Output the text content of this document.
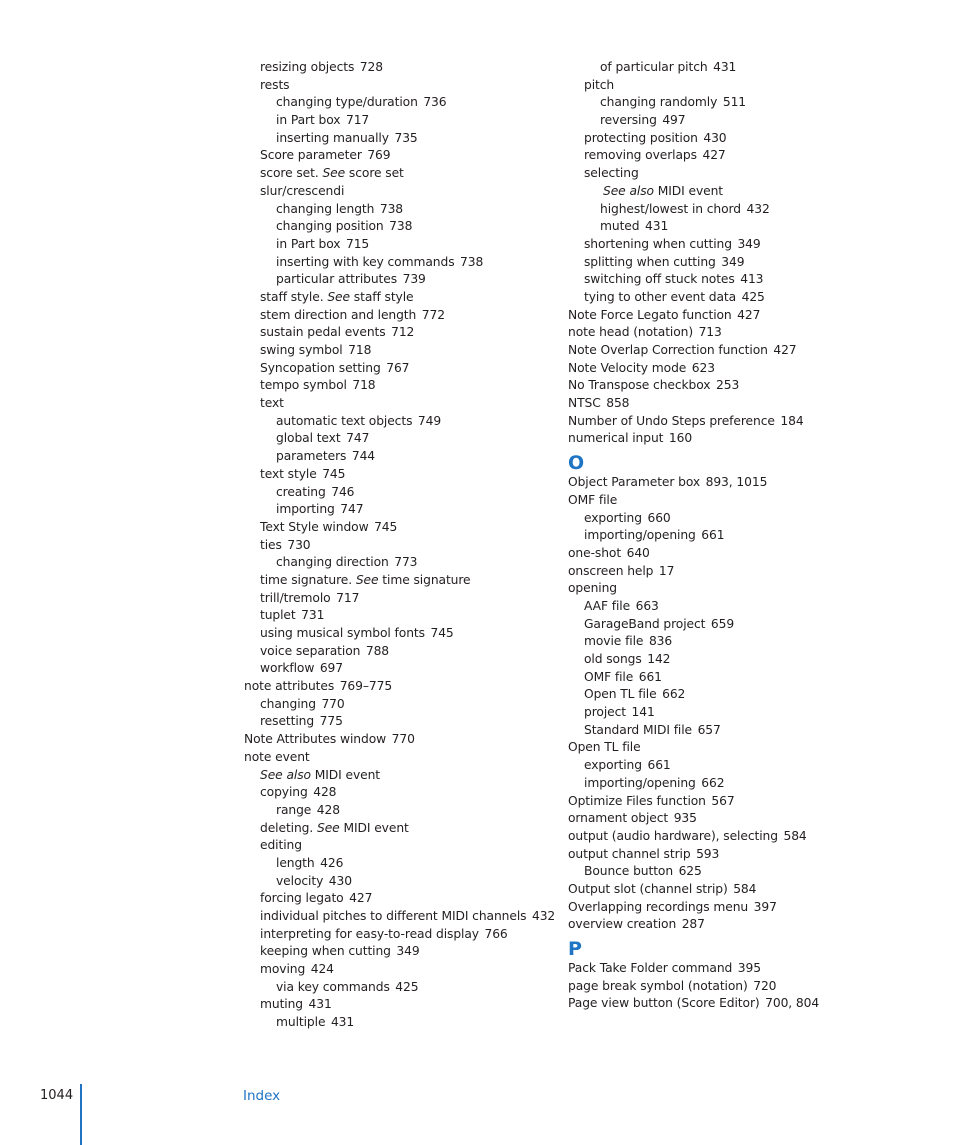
resizing objects 728
rests
changing type/duration 736
in Part box 717
inserting manually 735
Score parameter 769
score set. See score set
slur/crescendi
changing length 738
changing position 738
in Part box 715
inserting with key commands 738
particular attributes 739
staff style. See staff style
stem direction and length 772
sustain pedal events 712
swing symbol 718
Syncopation setting 767
tempo symbol 718
text
automatic text objects 749
global text 747
parameters 744
text style 745
creating 746
importing 747
Text Style window 745
ties 730
changing direction 773
time signature. See time signature
trill/tremolo 717
tuplet 731
using musical symbol fonts 745
voice separation 788
workflow 697
note attributes 769–775
changing 770
resetting 775
Note Attributes window 770
note event
See also MIDI event
copying 428
range 428
deleting. See MIDI event
editing
length 426
velocity 430
forcing legato 427
individual pitches to different MIDI channels 432
interpreting for easy-to-read display 766
keeping when cutting 349
moving 424
via key commands 425
muting 431
multiple 431
of particular pitch 431
pitch
changing randomly 511
reversing 497
protecting position 430
removing overlaps 427
selecting
See also MIDI event
highest/lowest in chord 432
muted 431
shortening when cutting 349
splitting when cutting 349
switching off stuck notes 413
tying to other event data 425
Note Force Legato function 427
note head (notation) 713
Note Overlap Correction function 427
Note Velocity mode 623
No Transpose checkbox 253
NTSC 858
Number of Undo Steps preference 184
numerical input 160
O
Object Parameter box 893, 1015
OMF file
exporting 660
importing/opening 661
one-shot 640
onscreen help 17
opening
AAF file 663
GarageBand project 659
movie file 836
old songs 142
OMF file 661
Open TL file 662
project 141
Standard MIDI file 657
Open TL file
exporting 661
importing/opening 662
Optimize Files function 567
ornament object 935
output (audio hardware), selecting 584
output channel strip 593
Bounce button 625
Output slot (channel strip) 584
Overlapping recordings menu 397
overview creation 287
P
Pack Take Folder command 395
page break symbol (notation) 720
Page view button (Score Editor) 700, 804
1044	Index
